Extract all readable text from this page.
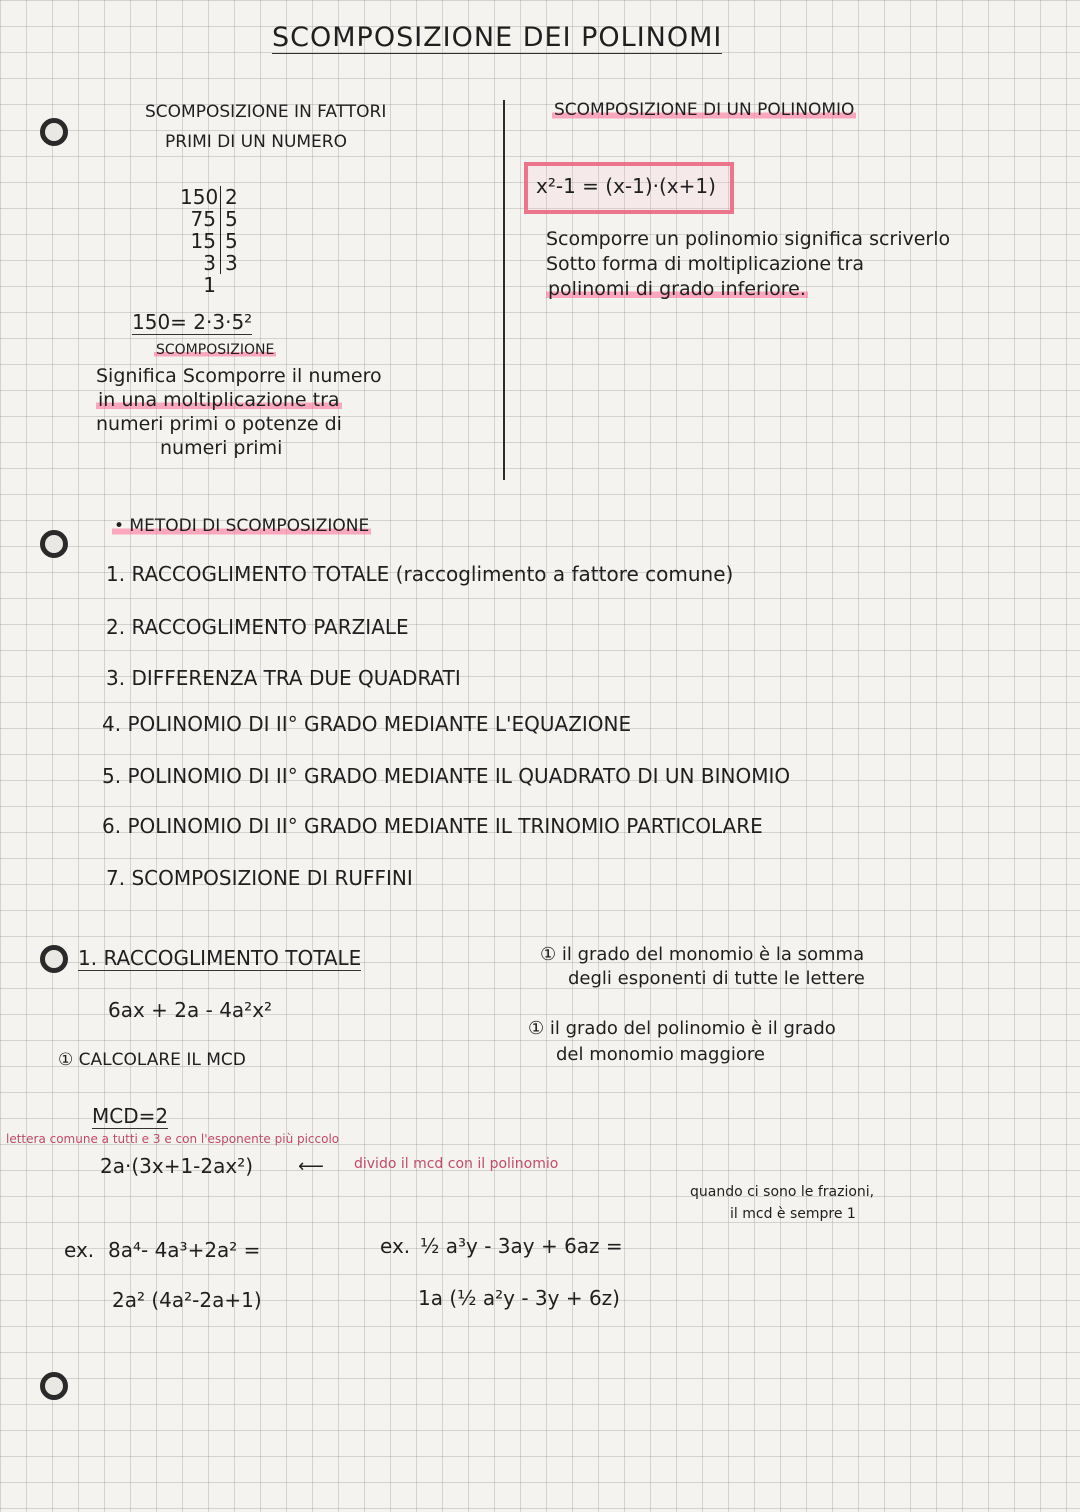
SCOMPOSIZIONE DEI POLINOMI
SCOMPOSIZIONE IN FATTORI
PRIMI DI UN NUMERO
150 2
75 5
15 5
3 3
1
150= 2·3·5²
SCOMPOSIZIONE
Significa Scomporre il numero
in una moltiplicazione tra
numeri primi o potenze di
numeri primi
SCOMPOSIZIONE DI UN POLINOMIO
x²-1 = (x-1)·(x+1)
Scomporre un polinomio significa scriverlo
Sotto forma di moltiplicazione tra
polinomi di grado inferiore.
• METODI DI SCOMPOSIZIONE
1. RACCOGLIMENTO TOTALE (raccoglimento a fattore comune)
2. RACCOGLIMENTO PARZIALE
3. DIFFERENZA TRA DUE QUADRATI
4. POLINOMIO DI II° GRADO MEDIANTE L'EQUAZIONE
5. POLINOMIO DI II° GRADO MEDIANTE IL QUADRATO DI UN BINOMIO
6. POLINOMIO DI II° GRADO MEDIANTE IL TRINOMIO PARTICOLARE
7. SCOMPOSIZIONE DI RUFFINI
1. RACCOGLIMENTO TOTALE
6ax + 2a - 4a²x²
① CALCOLARE IL MCD
MCD=2
lettera comune a tutti e 3 e con l'esponente più piccolo
2a·(3x+1-2ax²) ⟵ divido il mcd con il polinomio
ex. 8a⁴- 4a³+2a² =
2a² (4a²-2a+1)
ex. ½ a³y - 3ay + 6az =
1a (½ a²y - 3y + 6z)
quando ci sono le frazioni,
il mcd è sempre 1
① il grado del monomio è la somma
degli esponenti di tutte le lettere
① il grado del polinomio è il grado
del monomio maggiore
